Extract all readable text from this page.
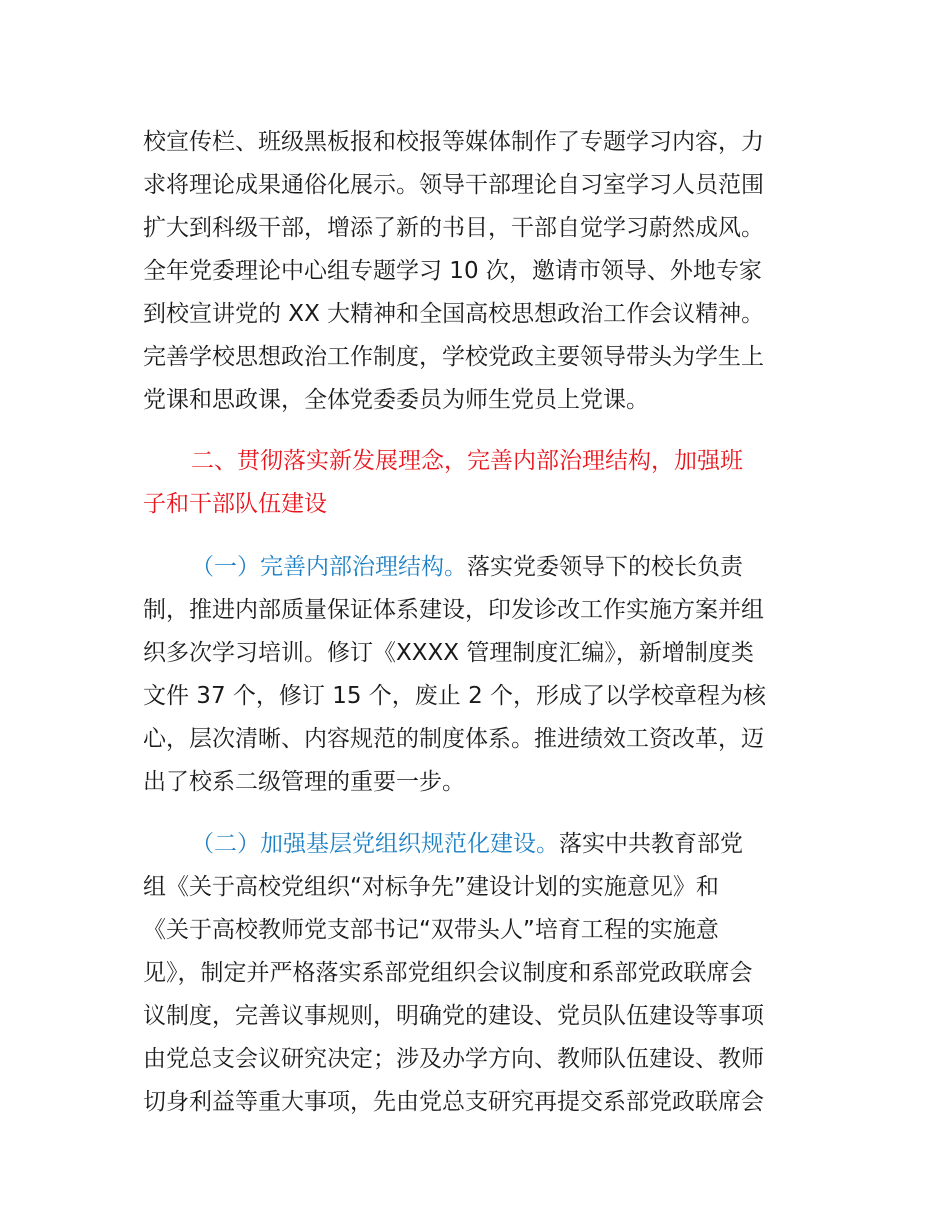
校宣传栏、班级黑板报和校报等媒体制作了专题学习内容，力
求将理论成果通俗化展示。领导干部理论自习室学习人员范围
扩大到科级干部，增添了新的书目，干部自觉学习蔚然成风。
全年党委理论中心组专题学习 10 次，邀请市领导、外地专家
到校宣讲党的 XX 大精神和全国高校思想政治工作会议精神。
完善学校思想政治工作制度，学校党政主要领导带头为学生上
党课和思政课，全体党委委员为师生党员上党课。
二、贯彻落实新发展理念，完善内部治理结构，加强班
子和干部队伍建设
（一）完善内部治理结构。落实党委领导下的校长负责
制，推进内部质量保证体系建设，印发诊改工作实施方案并组
织多次学习培训。修订《XXXX 管理制度汇编》，新增制度类
文件 37 个，修订 15 个，废止 2 个，形成了以学校章程为核
心，层次清晰、内容规范的制度体系。推进绩效工资改革，迈
出了校系二级管理的重要一步。
（二）加强基层党组织规范化建设。落实中共教育部党
组《关于高校党组织“对标争先”建设计划的实施意见》和
《关于高校教师党支部书记“双带头人”培育工程的实施意
见》，制定并严格落实系部党组织会议制度和系部党政联席会
议制度，完善议事规则，明确党的建设、党员队伍建设等事项
由党总支会议研究决定；涉及办学方向、教师队伍建设、教师
切身利益等重大事项，先由党总支研究再提交系部党政联席会
